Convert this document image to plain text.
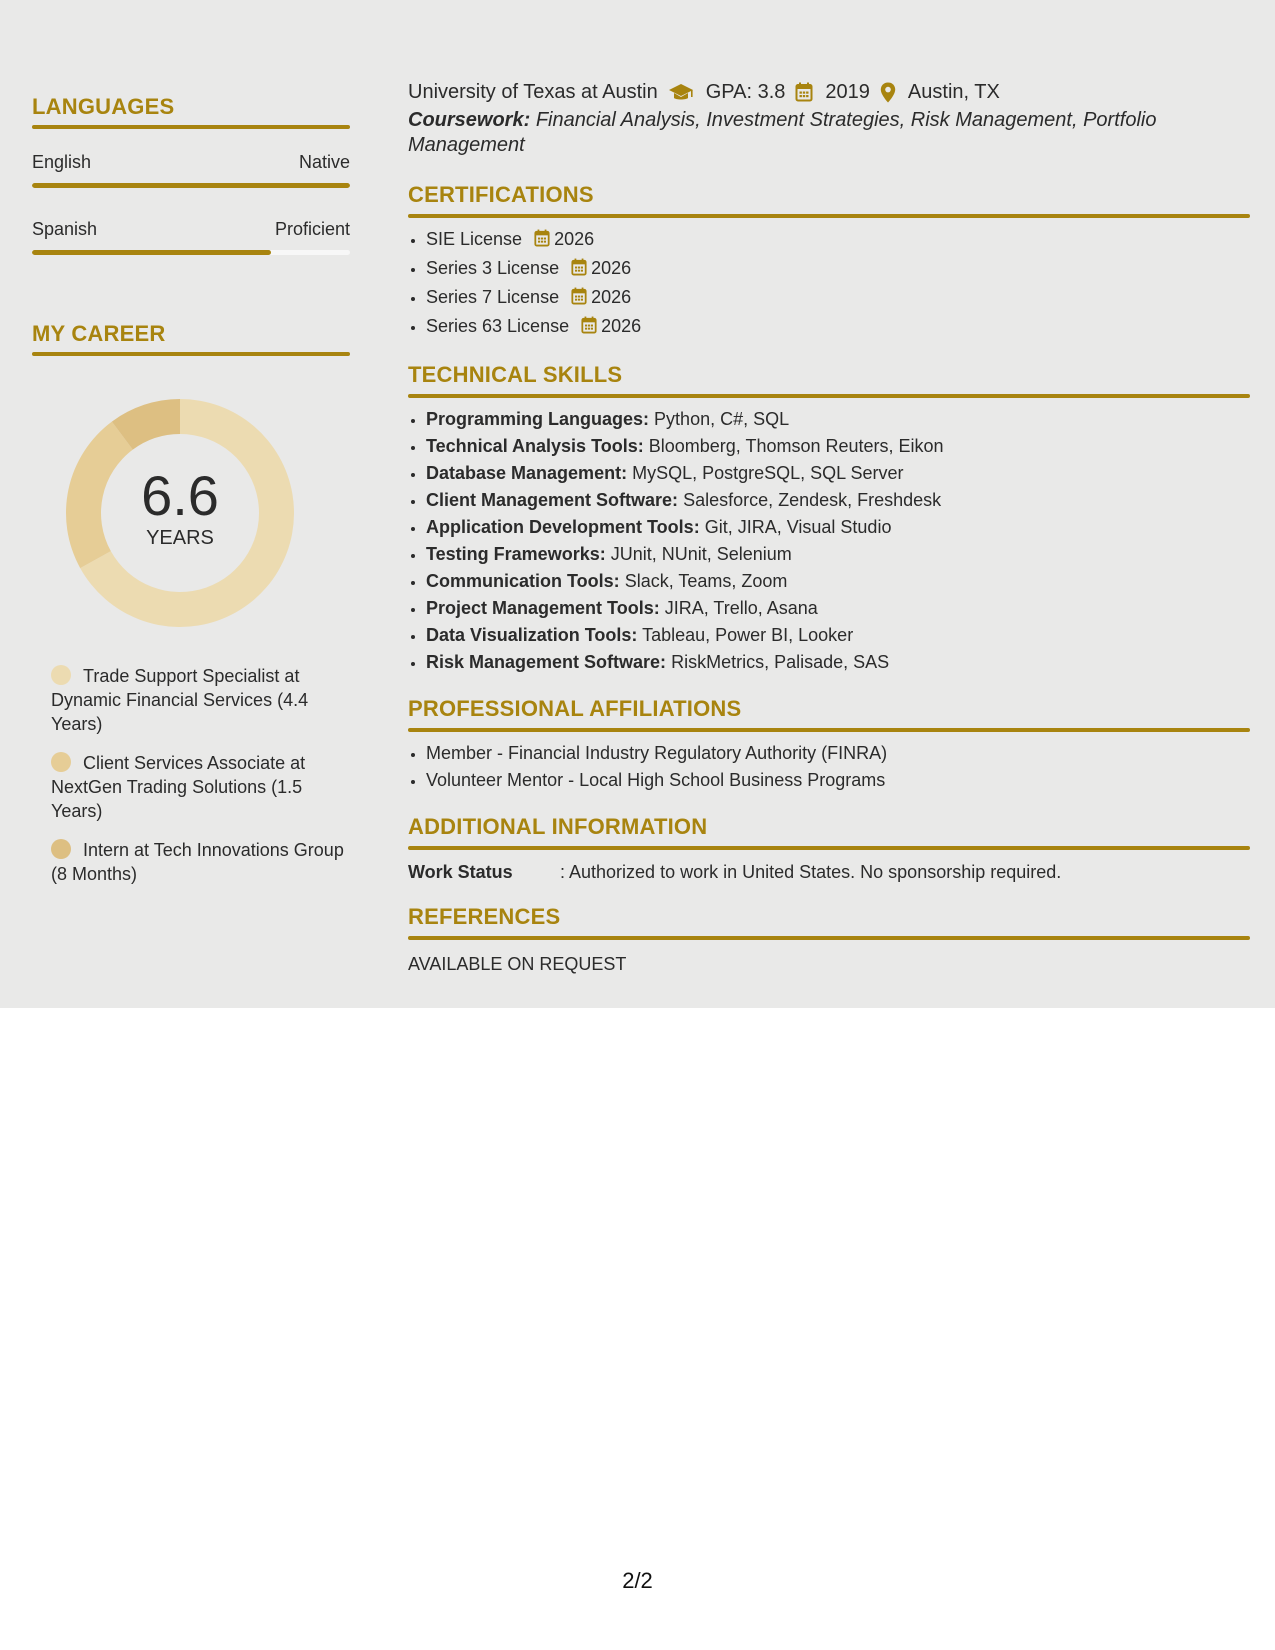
LANGUAGES
English	Native
Spanish	Proficient
MY CAREER
6.6
YEARS
Trade Support Specialist at Dynamic Financial Services (4.4 Years)
Client Services Associate at NextGen Trading Solutions (1.5 Years)
Intern at Tech Innovations Group (8 Months)
University of Texas at Austin GPA: 3.8 2019 Austin, TX
Coursework: Financial Analysis, Investment Strategies, Risk Management, Portfolio Management
CERTIFICATIONS
• SIE License 2026
• Series 3 License 2026
• Series 7 License 2026
• Series 63 License 2026
TECHNICAL SKILLS
• Programming Languages: Python, C#, SQL
• Technical Analysis Tools: Bloomberg, Thomson Reuters, Eikon
• Database Management: MySQL, PostgreSQL, SQL Server
• Client Management Software: Salesforce, Zendesk, Freshdesk
• Application Development Tools: Git, JIRA, Visual Studio
• Testing Frameworks: JUnit, NUnit, Selenium
• Communication Tools: Slack, Teams, Zoom
• Project Management Tools: JIRA, Trello, Asana
• Data Visualization Tools: Tableau, Power BI, Looker
• Risk Management Software: RiskMetrics, Palisade, SAS
PROFESSIONAL AFFILIATIONS
• Member - Financial Industry Regulatory Authority (FINRA)
• Volunteer Mentor - Local High School Business Programs
ADDITIONAL INFORMATION
Work Status	: Authorized to work in United States. No sponsorship required.
REFERENCES
AVAILABLE ON REQUEST
2/2
